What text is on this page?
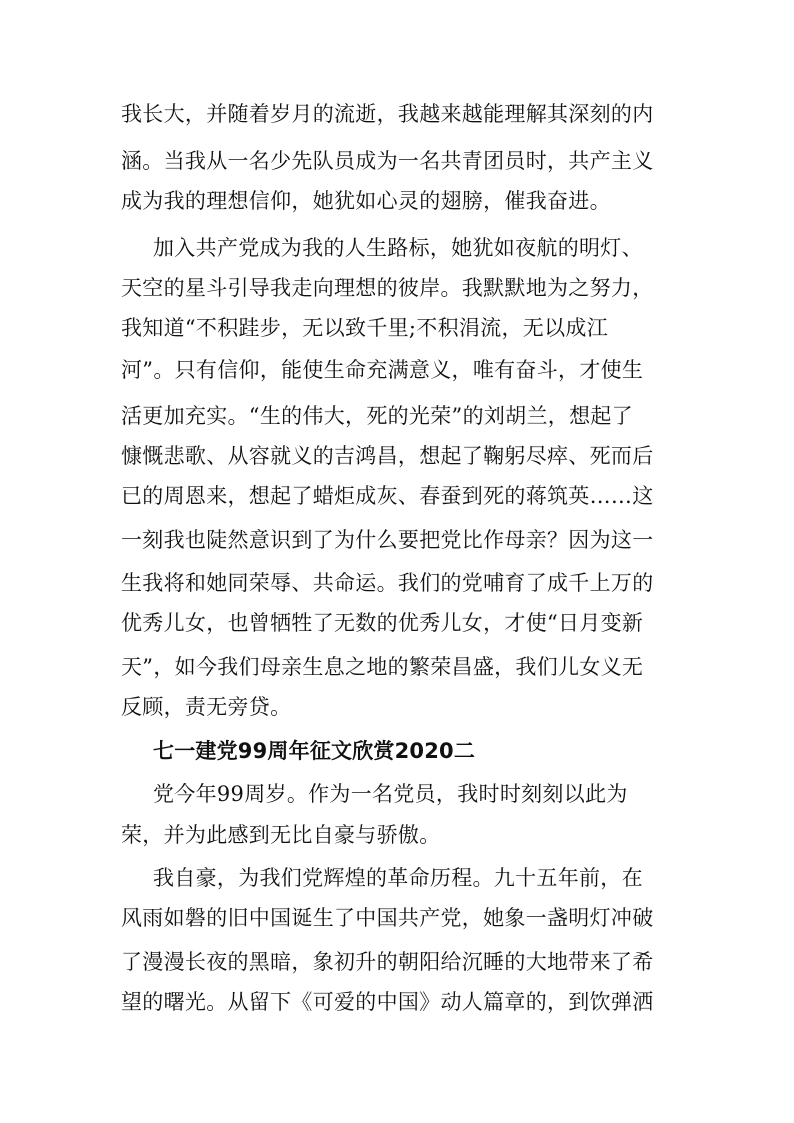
我长大，并随着岁月的流逝，我越来越能理解其深刻的内
涵。当我从一名少先队员成为一名共青团员时，共产主义
成为我的理想信仰，她犹如心灵的翅膀，催我奋进。
加入共产党成为我的人生路标，她犹如夜航的明灯、
天空的星斗引导我走向理想的彼岸。我默默地为之努力，
我知道“不积跬步，无以致千里;不积涓流，无以成江
河”。只有信仰，能使生命充满意义，唯有奋斗，才使生
活更加充实。“生的伟大，死的光荣”的刘胡兰，想起了
慷慨悲歌、从容就义的吉鸿昌，想起了鞠躬尽瘁、死而后
已的周恩来，想起了蜡炬成灰、春蚕到死的蒋筑英……这
一刻我也陡然意识到了为什么要把党比作母亲？因为这一
生我将和她同荣辱、共命运。我们的党哺育了成千上万的
优秀儿女，也曾牺牲了无数的优秀儿女，才使“日月变新
天”，如今我们母亲生息之地的繁荣昌盛，我们儿女义无
反顾，责无旁贷。
七一建党99周年征文欣赏2020二
党今年99周岁。作为一名党员，我时时刻刻以此为
荣，并为此感到无比自豪与骄傲。
我自豪，为我们党辉煌的革命历程。九十五年前，在
风雨如磐的旧中国诞生了中国共产党，她象一盏明灯冲破
了漫漫长夜的黑暗，象初升的朝阳给沉睡的大地带来了希
望的曙光。从留下《可爱的中国》动人篇章的，到饮弹洒
